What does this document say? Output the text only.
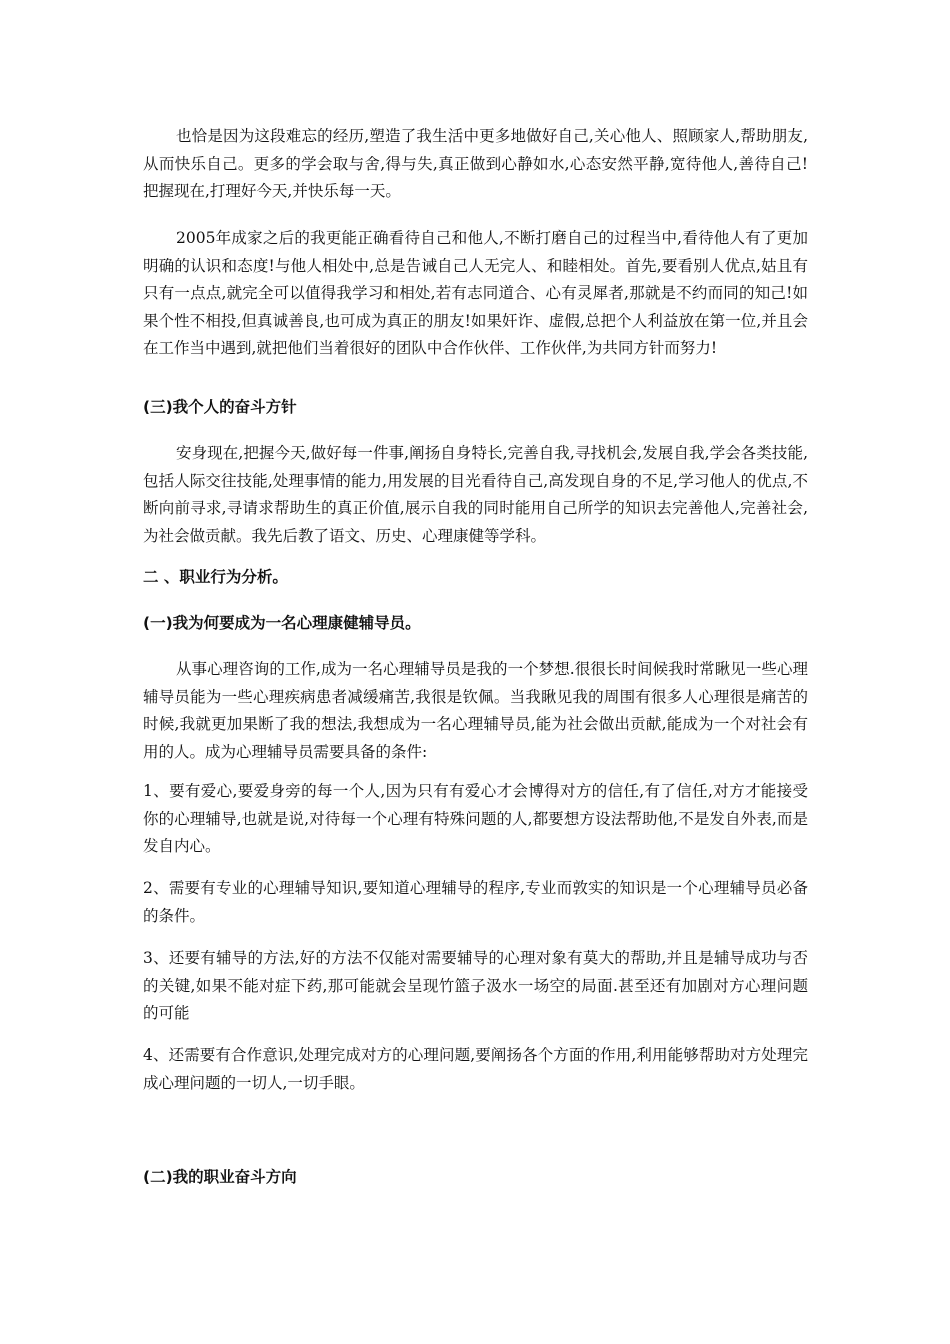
也恰是因为这段难忘的经历,塑造了我生活中更多地做好自己,关心他人、照顾家人,帮助朋友,从而快乐自己。更多的学会取与舍,得与失,真正做到心静如水,心态安然平静,宽待他人,善待自己!把握现在,打理好今天,并快乐每一天。

2005年成家之后的我更能正确看待自己和他人,不断打磨自己的过程当中,看待他人有了更加明确的认识和态度!与他人相处中,总是告诫自己人无完人、和睦相处。首先,要看别人优点,姑且有只有一点点,就完全可以值得我学习和相处,若有志同道合、心有灵犀者,那就是不约而同的知己!如果个性不相投,但真诚善良,也可成为真正的朋友!如果奸诈、虚假,总把个人利益放在第一位,并且会在工作当中遇到,就把他们当着很好的团队中合作伙伴、工作伙伴,为共同方针而努力!

(三)我个人的奋斗方针

安身现在,把握今天,做好每一件事,阐扬自身特长,完善自我,寻找机会,发展自我,学会各类技能,包括人际交往技能,处理事情的能力,用发展的目光看待自己,高发现自身的不足,学习他人的优点,不断向前寻求,寻请求帮助生的真正价值,展示自我的同时能用自己所学的知识去完善他人,完善社会,为社会做贡献。我先后教了语文、历史、心理康健等学科。

二 、职业行为分析。
(一)我为何要成为一名心理康健辅导员。

从事心理咨询的工作,成为一名心理辅导员是我的一个梦想.很很长时间候我时常瞅见一些心理辅导员能为一些心理疾病患者减缓痛苦,我很是钦佩。当我瞅见我的周围有很多人心理很是痛苦的时候,我就更加果断了我的想法,我想成为一名心理辅导员,能为社会做出贡献,能成为一个对社会有用的人。成为心理辅导员需要具备的条件:

1、要有爱心,要爱身旁的每一个人,因为只有有爱心才会博得对方的信任,有了信任,对方才能接受你的心理辅导,也就是说,对待每一个心理有特殊问题的人,都要想方设法帮助他,不是发自外表,而是发自内心。

2、需要有专业的心理辅导知识,要知道心理辅导的程序,专业而敦实的知识是一个心理辅导员必备的条件。

3、还要有辅导的方法,好的方法不仅能对需要辅导的心理对象有莫大的帮助,并且是辅导成功与否的关键,如果不能对症下药,那可能就会呈现竹篮子汲水一场空的局面.甚至还有加剧对方心理问题的可能

4、还需要有合作意识,处理完成对方的心理问题,要阐扬各个方面的作用,利用能够帮助对方处理完成心理问题的一切人,一切手眼。

(二)我的职业奋斗方向
